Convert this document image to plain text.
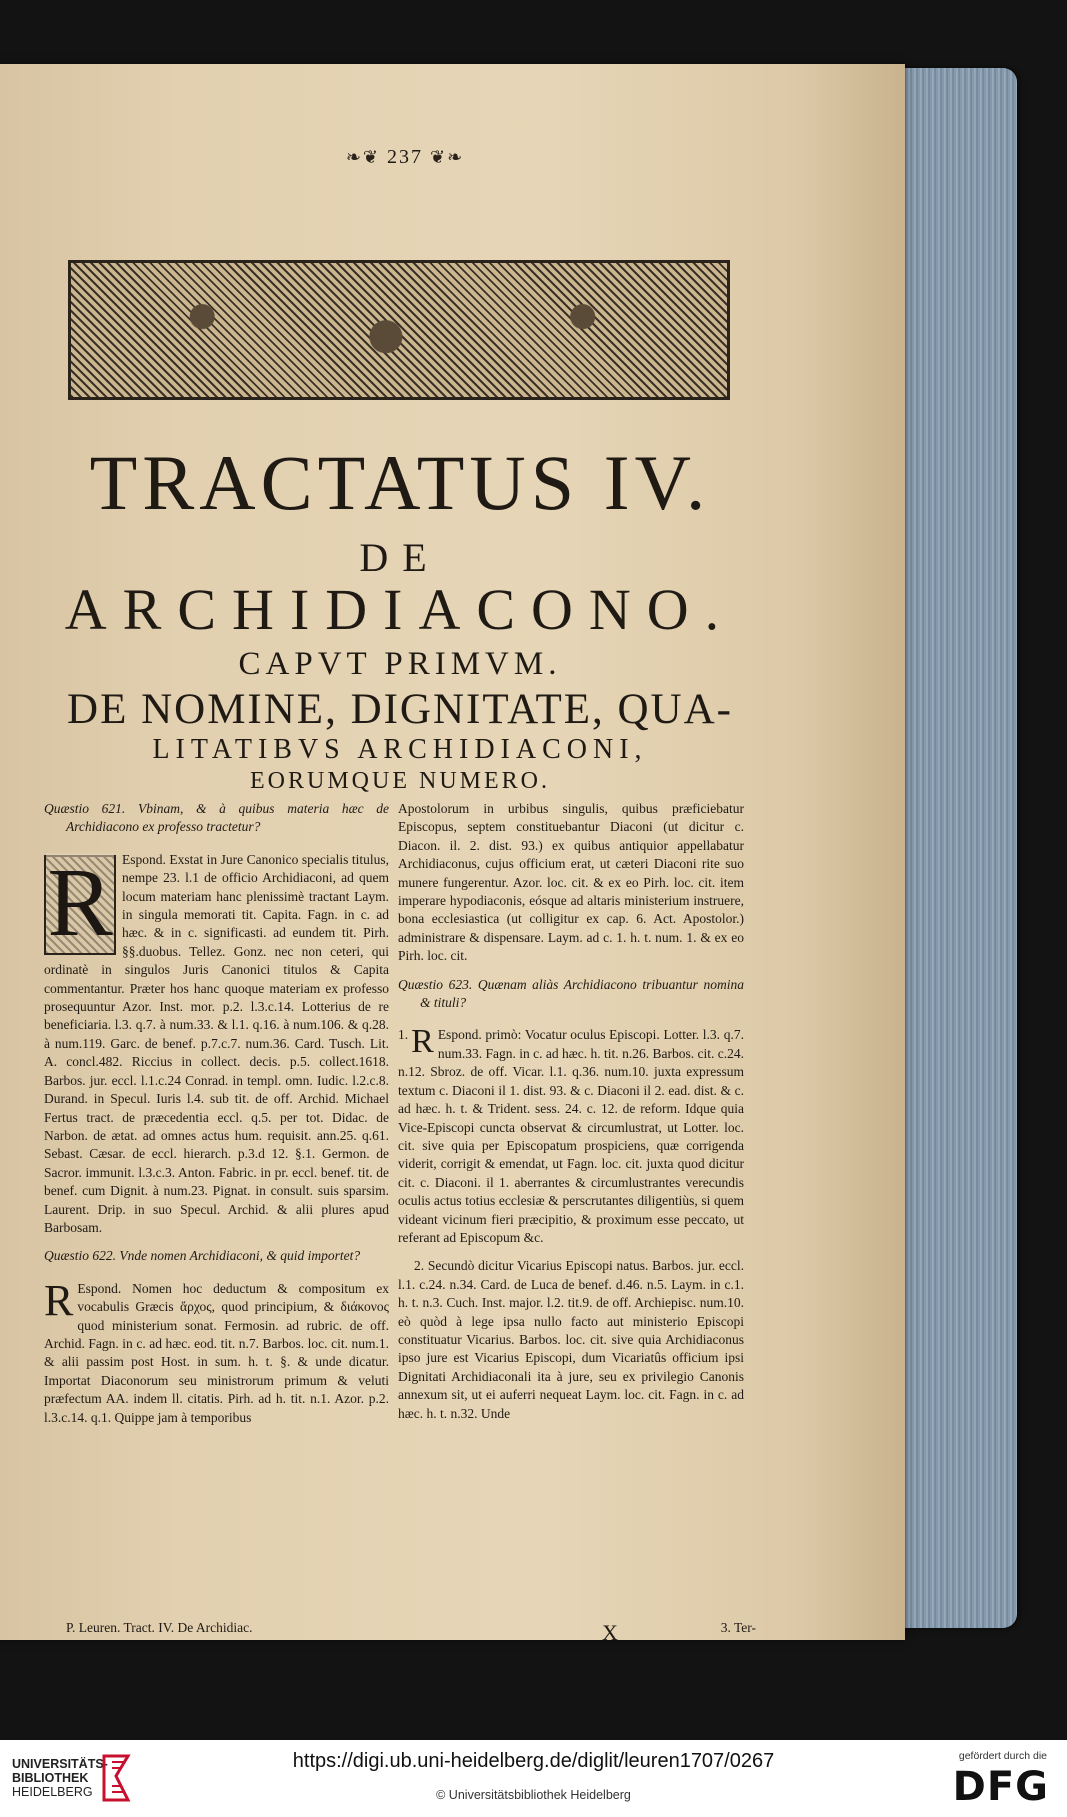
❧❦ 237 ❦❧
TRACTATUS IV.
DE
ARCHIDIACONO.
CAPVT PRIMVM.
DE NOMINE, DIGNITATE, QUA-
LITATIBVS ARCHIDIACONI,
EORUMQUE NUMERO.

Quæstio 621. Vbinam, & à quibus materia hæc de Archidiacono ex professo tractetur?

R Espond. Exstat in Jure Canonico specialis titulus, nempe 23. l.1 de officio Archidiaconi, ad quem locum materiam hanc plenissimè tractant Laym. in singula memorati tit. Capita. Fagn. in c. ad hæc. & in c. significasti. ad eundem tit. Pirh. §§.duobus. Tellez. Gonz. nec non ceteri, qui ordinatè in singulos Juris Canonici titulos & Capita commentantur. Præter hos hanc quoque materiam ex professo prosequuntur Azor. Inst. mor. p.2. l.3.c.14. Lotterius de re beneficiaria. l.3. q.7. à num.33. & l.1. q.16. à num.106. & q.28. à num.119. Garc. de benef. p.7.c.7. num.36. Card. Tusch. Lit. A. concl.482. Riccius in collect. decis. p.5. collect.1618. Barbos. jur. eccl. l.1.c.24 Conrad. in templ. omn. Iudic. l.2.c.8. Durand. in Specul. Iuris l.4. sub tit. de off. Archid. Michael Fertus tract. de præcedentia eccl. q.5. per tot. Didac. de Narbon. de ætat. ad omnes actus hum. requisit. ann.25. q.61. Sebast. Cæsar. de eccl. hierarch. p.3.d 12. §.1. Germon. de Sacror. immunit. l.3.c.3. Anton. Fabric. in pr. eccl. benef. tit. de benef. cum Dignit. à num.23. Pignat. in consult. suis sparsim. Laurent. Drip. in suo Specul. Archid. & alii plures apud Barbosam.

Quæstio 622. Vnde nomen Archidiaconi, & quid importet?

R Espond. Nomen hoc deductum & compositum ex vocabulis Græcis ἄρχος, quod principium, & διάκονος quod ministerium sonat. Fermosin. ad rubric. de off. Archid. Fagn. in c. ad hæc. eod. tit. n.7. Barbos. loc. cit. num.1. & alii passim post Host. in sum. h. t. §. & unde dicatur. Importat Diaconorum seu ministrorum primum & veluti præfectum AA. indem ll. citatis. Pirh. ad h. tit. n.1. Azor. p.2. l.3.c.14. q.1. Quippe jam à temporibus

Apostolorum in urbibus singulis, quibus præficiebatur Episcopus, septem constituebantur Diaconi (ut dicitur c. Diacon. il. 2. dist. 93.) ex quibus antiquior appellabatur Archidiaconus, cujus officium erat, ut cæteri Diaconi rite suo munere fungerentur. Azor. loc. cit. & ex eo Pirh. loc. cit. item imperare hypodiaconis, eósque ad altaris ministerium instruere, bona ecclesiastica (ut colligitur ex cap. 6. Act. Apostolor.) administrare & dispensare. Laym. ad c. 1. h. t. num. 1. & ex eo Pirh. loc. cit.

Quæstio 623. Quænam aliàs Archidiacono tribuantur nomina & tituli?

1. R Espond. primò: Vocatur oculus Episcopi. Lotter. l.3. q.7. num.33. Fagn. in c. ad hæc. h. tit. n.26. Barbos. cit. c.24. n.12. Sbroz. de off. Vicar. l.1. q.36. num.10. juxta expressum textum c. Diaconi il 1. dist. 93. & c. Diaconi il 2. ead. dist. & c. ad hæc. h. t. & Trident. sess. 24. c. 12. de reform. Idque quia Vice-Episcopi cuncta observat & circumlustrat, ut Lotter. loc. cit. sive quia per Episcopatum prospiciens, quæ corrigenda viderit, corrigit & emendat, ut Fagn. loc. cit. juxta quod dicitur cit. c. Diaconi. il 1. aberrantes & circumlustrantes verecundis oculis actus totius ecclesiæ & perscrutantes diligentiùs, si quem videant vicinum fieri præcipitio, & proximum esse peccato, ut referant ad Episcopum &c.

2. Secundò dicitur Vicarius Episcopi natus. Barbos. jur. eccl. l.1. c.24. n.34. Card. de Luca de benef. d.46. n.5. Laym. in c.1. h. t. n.3. Cuch. Inst. major. l.2. tit.9. de off. Archiepisc. num.10. eò quòd à lege ipsa nullo facto aut ministerio Episcopi constituatur Vicarius. Barbos. loc. cit. sive quia Archidiaconus ipso jure est Vicarius Episcopi, dum Vicariatûs officium ipsi Dignitati Archidiaconali ita à jure, seu ex privilegio Canonis annexum sit, ut ei auferri nequeat Laym. loc. cit. Fagn. in c. ad hæc. h. t. n.32. Unde

P. Leuren. Tract. IV. De Archidiac.	X	3. Ter-
UNIVERSITÄTS-
BIBLIOTHEK
HEIDELBERG
https://digi.ub.uni-heidelberg.de/diglit/leuren1707/0267
© Universitätsbibliothek Heidelberg
gefördert durch die
DFG
